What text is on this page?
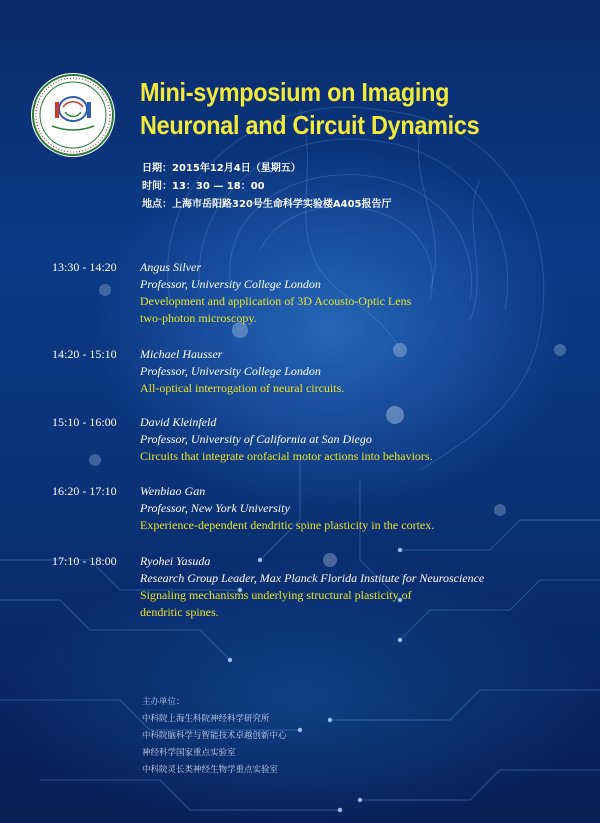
Mini-symposium on Imaging
Neuronal and Circuit Dynamics
日期：2015年12月4日（星期五）
时间：13：30 — 18：00
地点：上海市岳阳路320号生命科学实验楼A405报告厅
13:30 - 14:20 Angus Silver
Professor, University College London
Development and application of 3D Acousto-Optic Lens
two-photon microscopy.
14:20 - 15:10 Michael Hausser
Professor, University College London
All-optical interrogation of neural circuits.
15:10 - 16:00 David Kleinfeld
Professor, University of California at San Diego
Circuits that integrate orofacial motor actions into behaviors.
16:20 - 17:10 Wenbiao Gan
Professor, New York University
Experience-dependent dendritic spine plasticity in the cortex.
17:10 - 18:00 Ryohei Yasuda
Research Group Leader, Max Planck Florida Institute for Neuroscience
Signaling mechanisms underlying structural plasticity of
dendritic spines.
主办单位：
中科院上海生科院神经科学研究所
中科院脑科学与智能技术卓越创新中心
神经科学国家重点实验室
中科院灵长类神经生物学重点实验室
